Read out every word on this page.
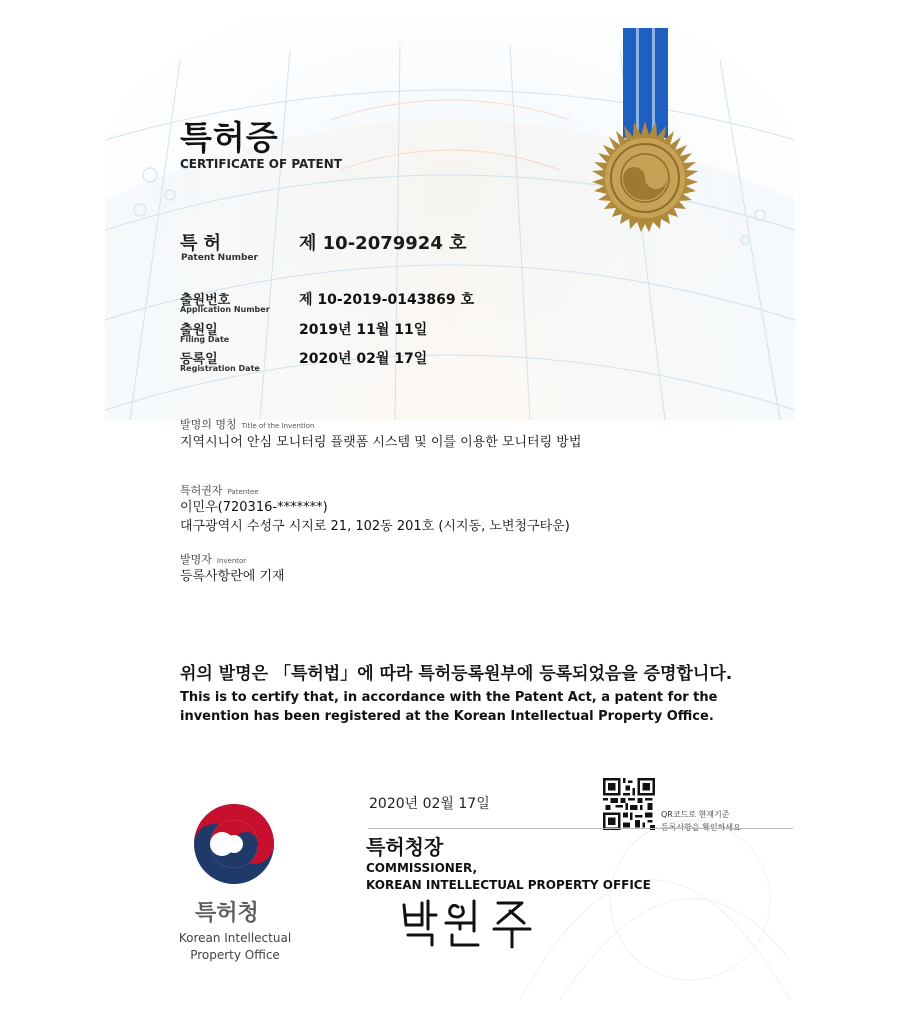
특허증
CERTIFICATE OF PATENT
특 허
Patent Number
제 10-2079924 호
출원번호
Application Number
제 10-2019-0143869 호
출원일
Filing Date
2019년 11월 11일
등록일
Registration Date
2020년 02월 17일
발명의 명칭 Title of the Invention
지역시니어 안심 모니터링 플랫폼 시스템 및 이를 이용한 모니터링 방법
특허권자 Patentee
이민우(720316-*******)
대구광역시 수성구 시지로 21, 102동 201호 (시지동, 노변청구타운)
발명자 Inventor
등록사항란에 기재
위의 발명은 「특허법」에 따라 특허등록원부에 등록되었음을 증명합니다.
This is to certify that, in accordance with the Patent Act, a patent for the invention has been registered at the Korean Intellectual Property Office.
2020년 02월 17일
QR코드로 현재기준
특허청장
COMMISSIONER,
KOREAN INTELLECTUAL PROPERTY OFFICE
특허청
Korean Intellectual
Property Office
